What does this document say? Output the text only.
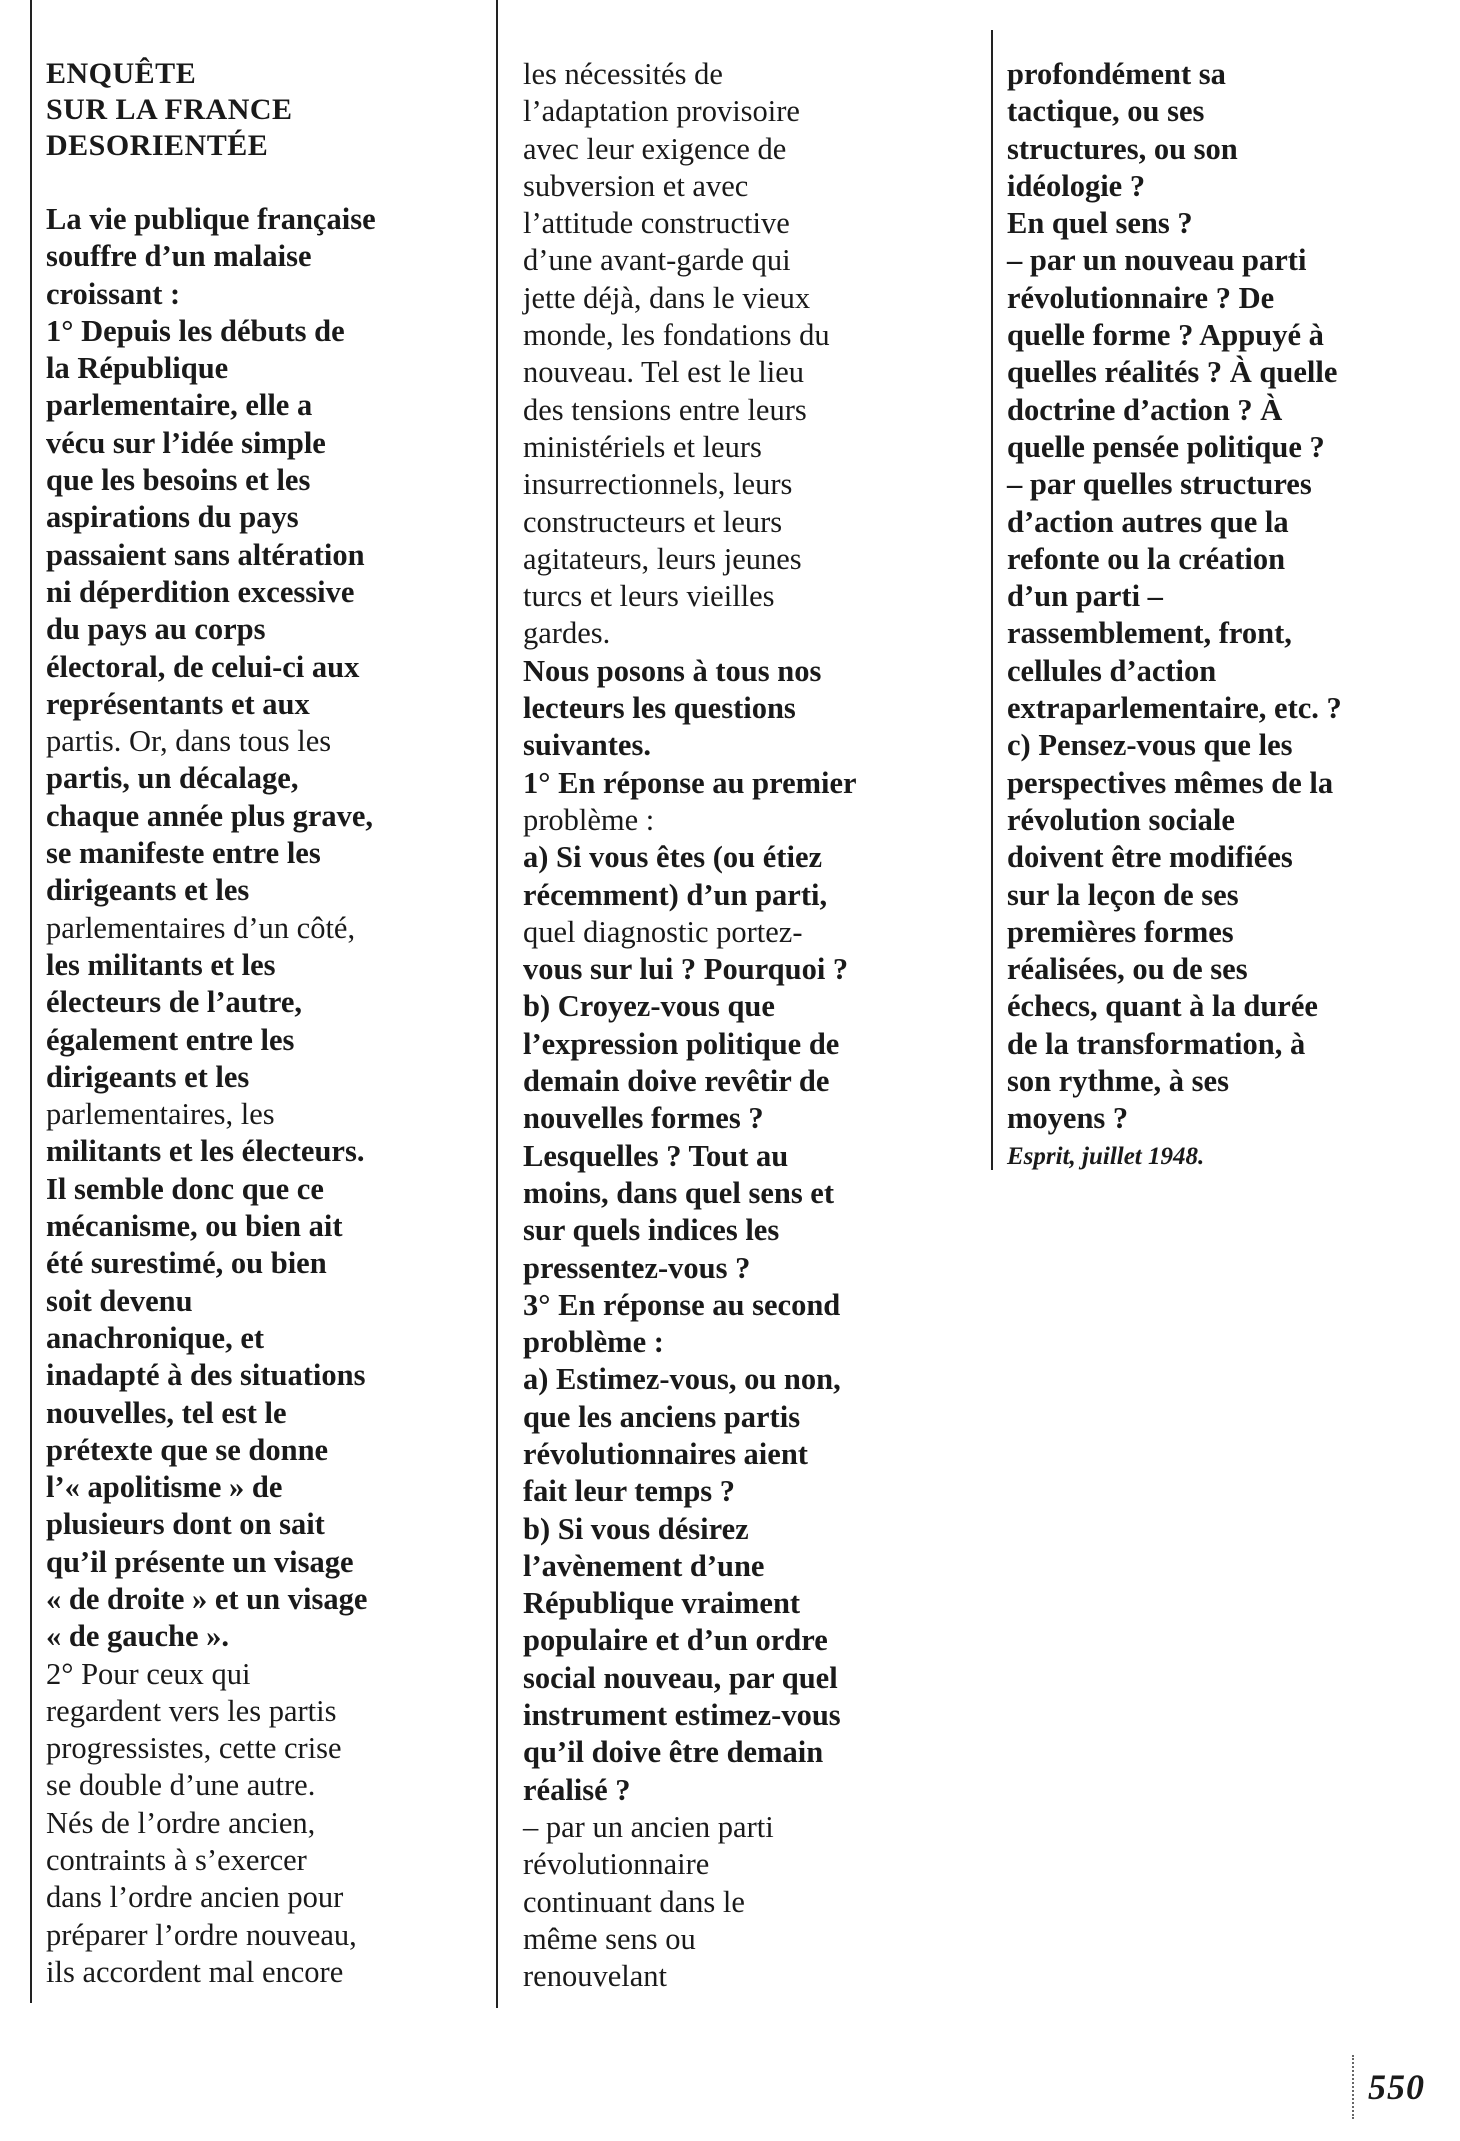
ENQUÊTE
SUR LA FRANCE
DESORIENTÉE

La vie publique française

souffre d’un malaise

croissant :

1° Depuis les débuts de

la République

parlementaire, elle a

vécu sur l’idée simple

que les besoins et les

aspirations du pays

passaient sans altération

ni déperdition excessive

du pays au corps

électoral, de celui-ci aux

représentants et aux

partis. Or, dans tous les

partis, un décalage,

chaque année plus grave,

se manifeste entre les

dirigeants et les

parlementaires d’un côté,

les militants et les

électeurs de l’autre,

également entre les

dirigeants et les

parlementaires, les

militants et les électeurs.

Il semble donc que ce

mécanisme, ou bien ait

été surestimé, ou bien

soit devenu

anachronique, et

inadapté à des situations

nouvelles, tel est le

prétexte que se donne

l’« apolitisme » de

plusieurs dont on sait

qu’il présente un visage

« de droite » et un visage

« de gauche ».

2° Pour ceux qui

regardent vers les partis

progressistes, cette crise

se double d’une autre.

Nés de l’ordre ancien,

contraints à s’exercer

dans l’ordre ancien pour

préparer l’ordre nouveau,

ils accordent mal encore

les nécessités de

l’adaptation provisoire

avec leur exigence de

subversion et avec

l’attitude constructive

d’une avant-garde qui

jette déjà, dans le vieux

monde, les fondations du

nouveau. Tel est le lieu

des tensions entre leurs

ministériels et leurs

insurrectionnels, leurs

constructeurs et leurs

agitateurs, leurs jeunes

turcs et leurs vieilles

gardes.

Nous posons à tous nos

lecteurs les questions

suivantes.

1° En réponse au premier

problème :

a) Si vous êtes (ou étiez

récemment) d’un parti,

quel diagnostic portez-

vous sur lui ? Pourquoi ?

b) Croyez-vous que

l’expression politique de

demain doive revêtir de

nouvelles formes ?

Lesquelles ? Tout au

moins, dans quel sens et

sur quels indices les

pressentez-vous ?

3° En réponse au second

problème :

a) Estimez-vous, ou non,

que les anciens partis

révolutionnaires aient

fait leur temps ?

b) Si vous désirez

l’avènement d’une

République vraiment

populaire et d’un ordre

social nouveau, par quel

instrument estimez-vous

qu’il doive être demain

réalisé ?

– par un ancien parti

révolutionnaire

continuant dans le

même sens ou

renouvelant

profondément sa

tactique, ou ses

structures, ou son

idéologie ?

En quel sens ?

– par un nouveau parti

révolutionnaire ? De

quelle forme ? Appuyé à

quelles réalités ? À quelle

doctrine d’action ? À

quelle pensée politique ?

– par quelles structures

d’action autres que la

refonte ou la création

d’un parti –

rassemblement, front,

cellules d’action

extraparlementaire, etc. ?

c) Pensez-vous que les

perspectives mêmes de la

révolution sociale

doivent être modifiées

sur la leçon de ses

premières formes

réalisées, ou de ses

échecs, quant à la durée

de la transformation, à

son rythme, à ses

moyens ?

Esprit, juillet 1948.

550
